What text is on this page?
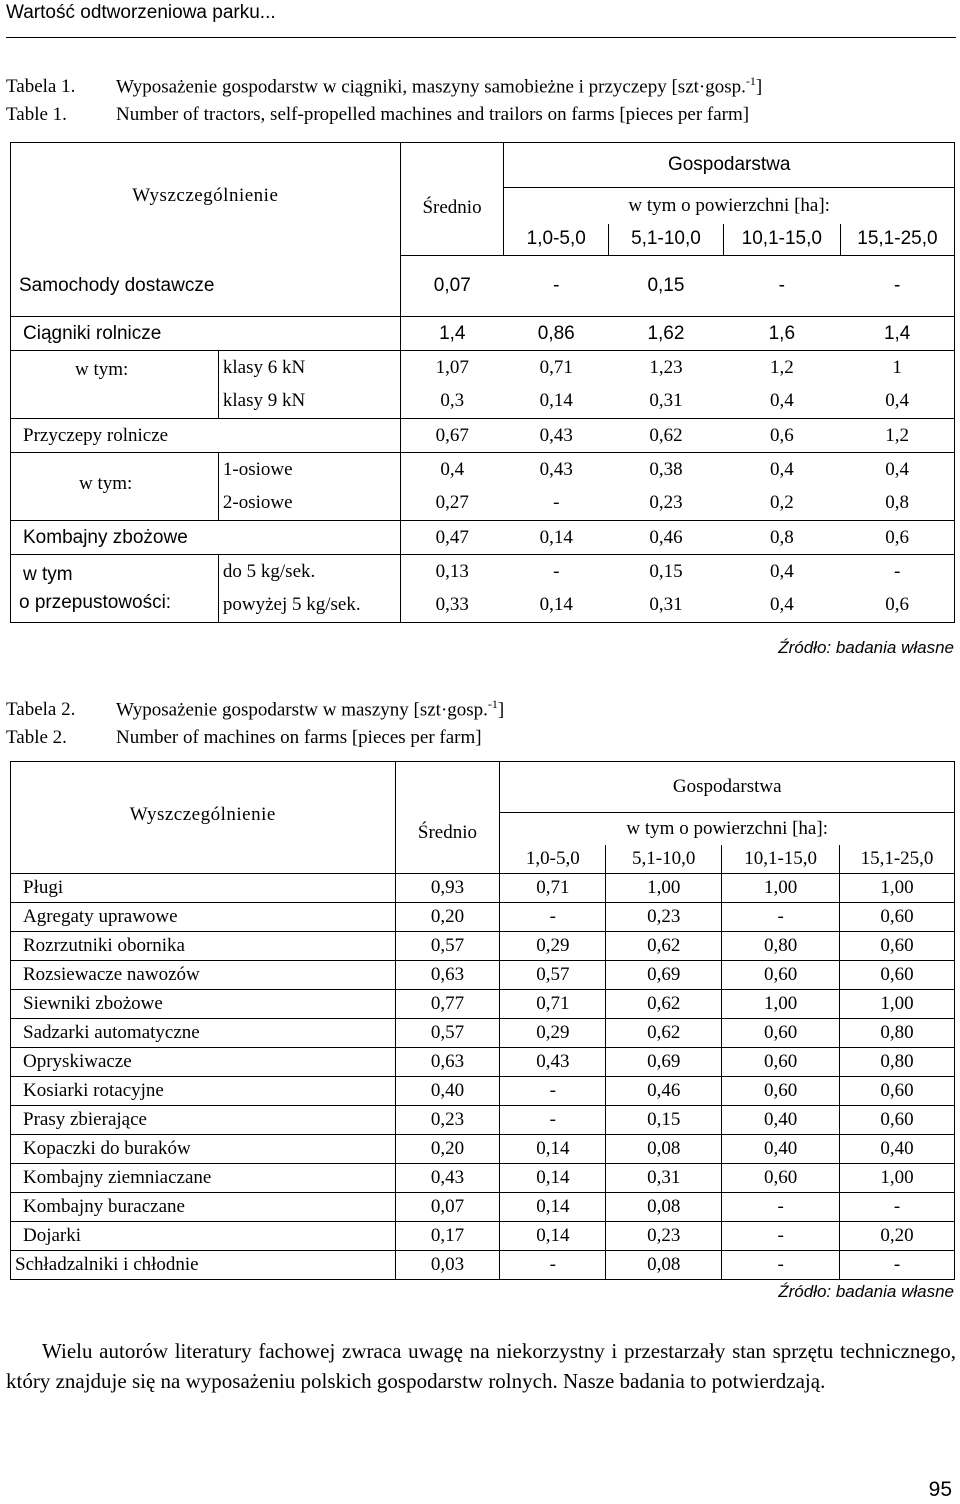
Wartość odtworzeniowa parku...
Tabela 1. Wyposażenie gospodarstw w ciągniki, maszyny samobieżne i przyczepy [szt·gosp.$^{-1}$]
Table 1.	Number of tractors, self-propelled machines and trailors on farms [pieces per farm]
Wyszczególnienie		Średnio	Gospodarstwa			
			w tym o powierzchni [ha]:			
			1,0-5,0	5,1-10,0	10,1-15,0	15,1-25,0
Samochody dostawcze		0,07	-	0,15	-	-
Ciągniki rolnicze		1,4	0,86	1,62	1,6	1,4
w tym:	klasy 6 kN	1,07	0,71	1,23	1,2	1
	klasy 9 kN	0,3	0,14	0,31	0,4	0,4
Przyczepy rolnicze		0,67	0,43	0,62	0,6	1,2
w tym:	1-osiowe	0,4	0,43	0,38	0,4	0,4
	2-osiowe	0,27	-	0,23	0,2	0,8
Kombajny zbożowe		0,47	0,14	0,46	0,8	0,6

w tym
o przepustowości:	do 5 kg/sek.	0,13	-	0,15	0,4	-
	powyżej 5 kg/sek.	0,33	0,14	0,31	0,4	0,6
Źródło: badania własne
Tabela 2. Wyposażenie gospodarstw w maszyny [szt·gosp.$^{-1}$]
Table 2.	Number of machines on farms [pieces per farm]
Wyszczególnienie	Średnio	Gospodarstwa			
		w tym o powierzchni [ha]:			
		1,0-5,0	5,1-10,0	10,1-15,0	15,1-25,0
Pługi	0,93	0,71	1,00	1,00	1,00
Agregaty uprawowe	0,20	-	0,23	-	0,60
Rozrzutniki obornika	0,57	0,29	0,62	0,80	0,60
Rozsiewacze nawozów	0,63	0,57	0,69	0,60	0,60
Siewniki zbożowe	0,77	0,71	0,62	1,00	1,00
Sadzarki automatyczne	0,57	0,29	0,62	0,60	0,80
Opryskiwacze	0,63	0,43	0,69	0,60	0,80
Kosiarki rotacyjne	0,40	-	0,46	0,60	0,60
Prasy zbierające	0,23	-	0,15	0,40	0,60
Kopaczki do buraków	0,20	0,14	0,08	0,40	0,40
Kombajny ziemniaczane	0,43	0,14	0,31	0,60	1,00
Kombajny buraczane	0,07	0,14	0,08	-	-
Dojarki	0,17	0,14	0,23	-	0,20
Schładzalniki i chłodnie	0,03	-	0,08	-	-
Źródło: badania własne
Wielu autorów literatury fachowej zwraca uwagę na niekorzystny i przestarzały stan sprzętu technicznego, który znajduje się na wyposażeniu polskich gospodarstw rolnych. Nasze badania to potwierdzają.
95
